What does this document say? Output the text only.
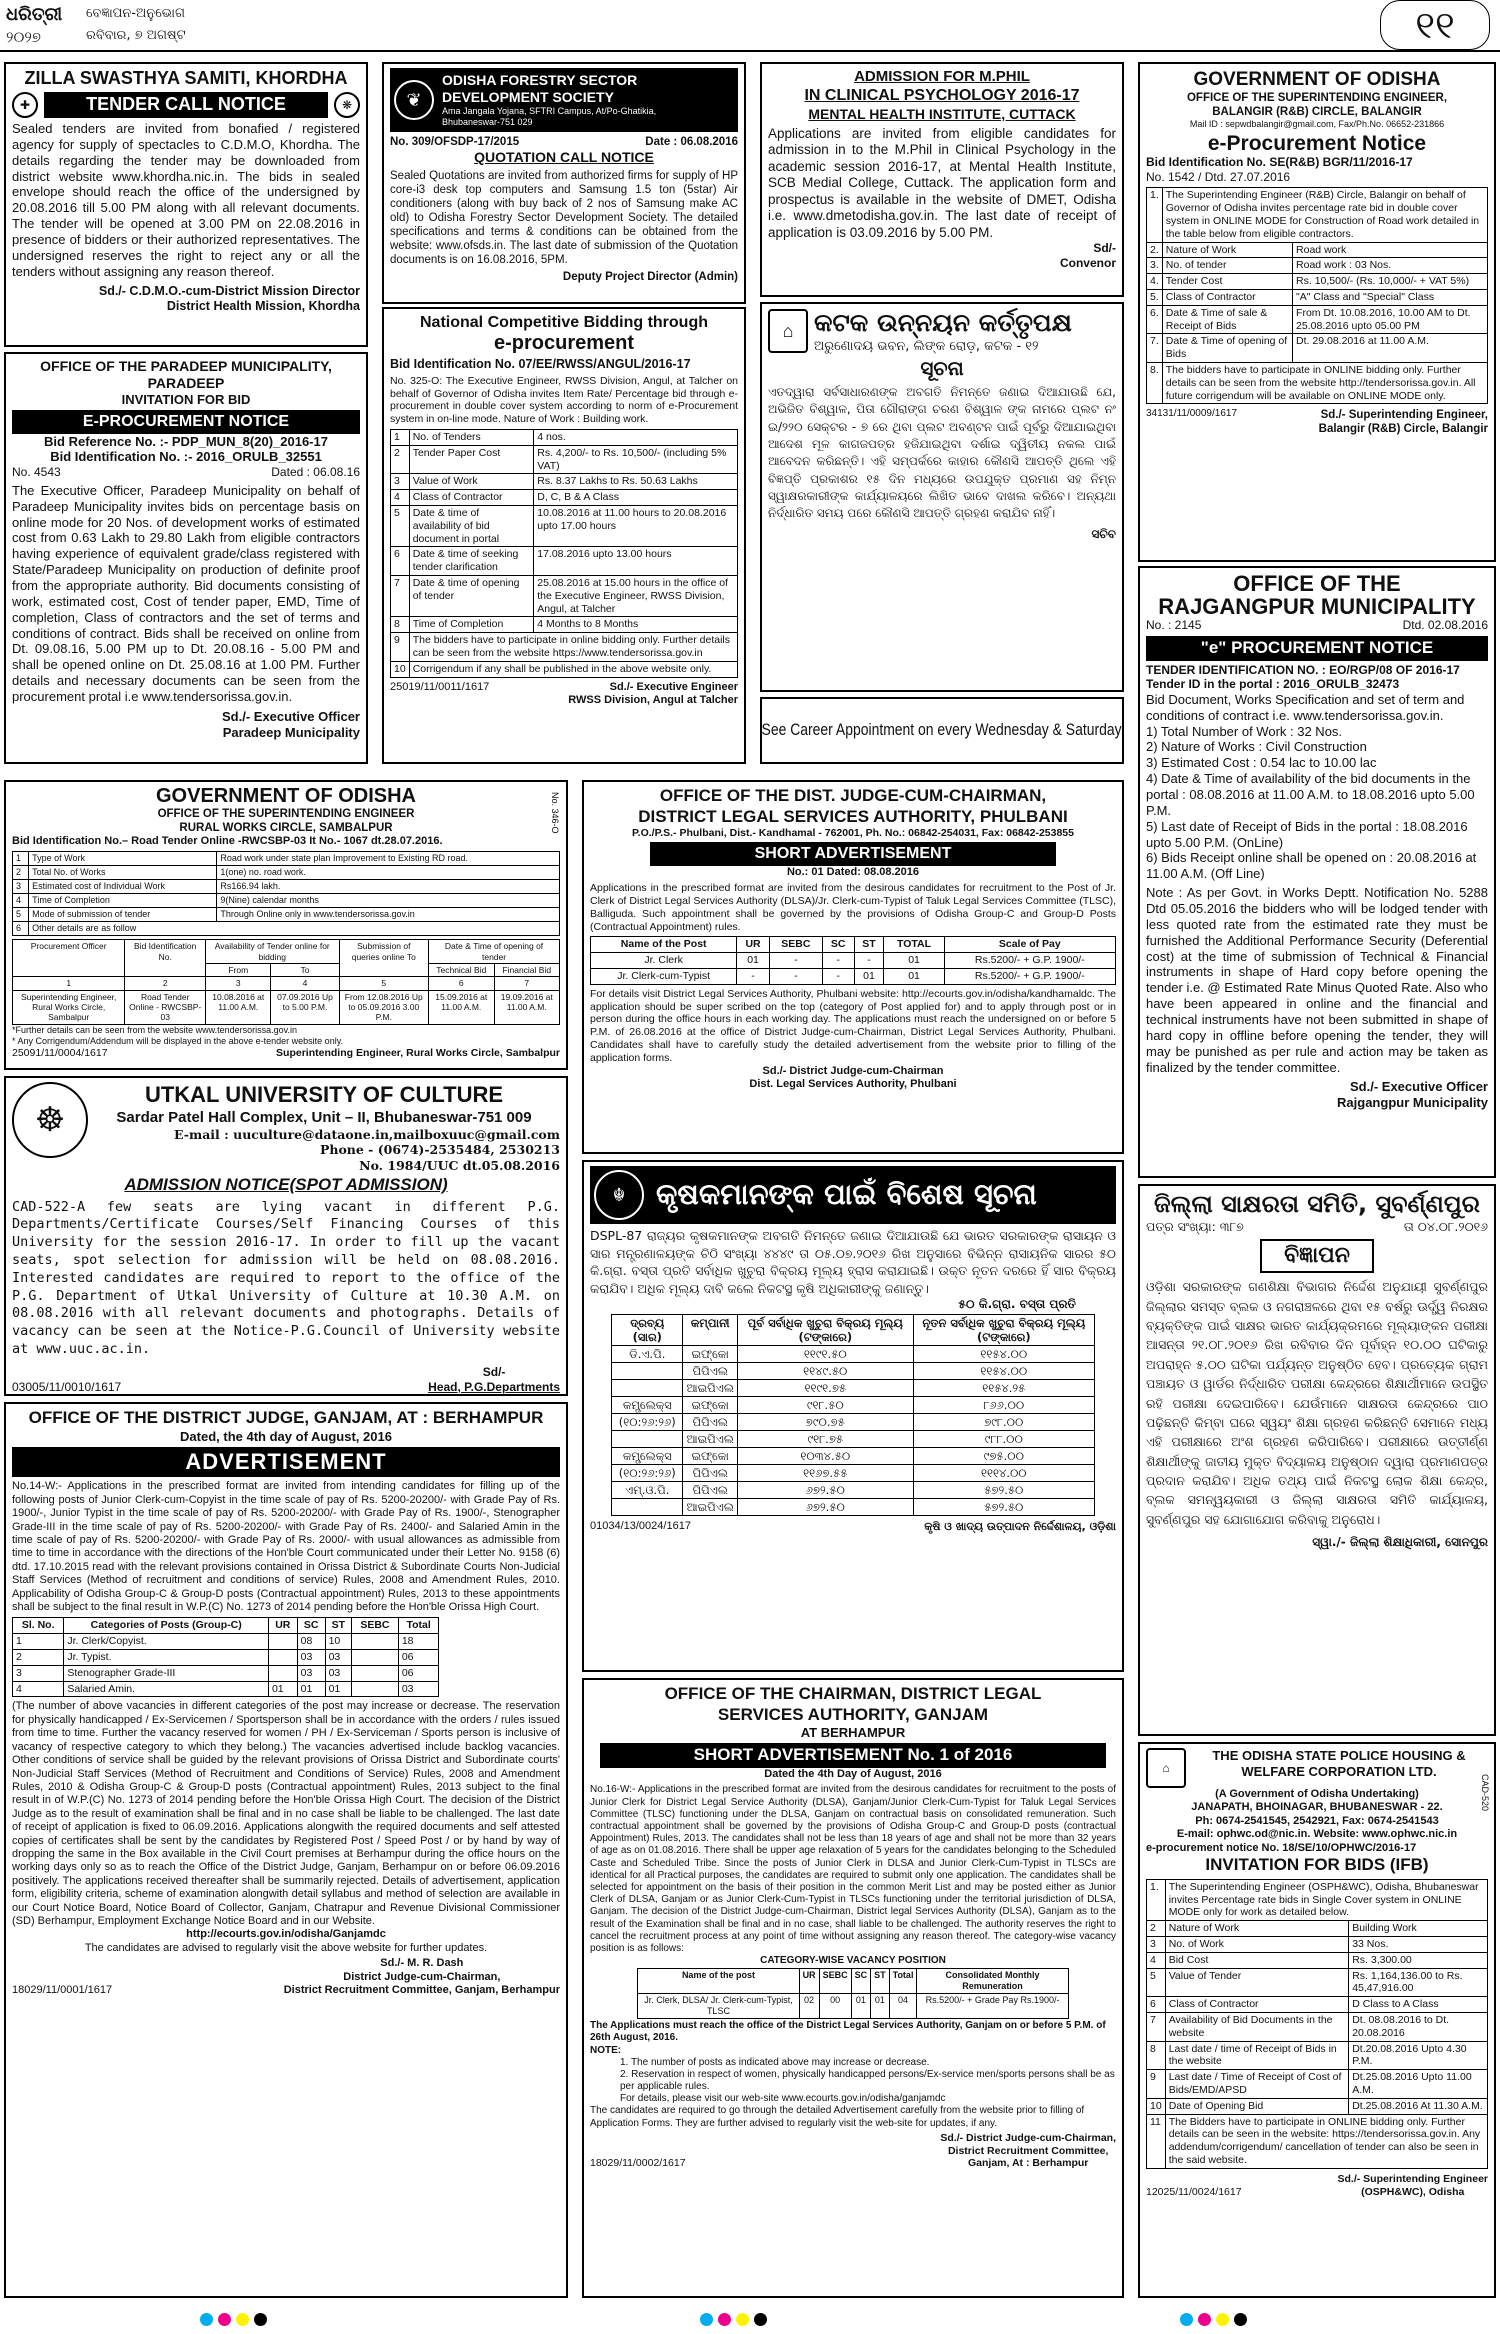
ଧରିତ୍ରୀ
୨୦୨୭
ବେଜ୍ଞାପନ-ଅନୁଭୋଗ
ରବିବାର, ୭ ଅଗଷ୍ଟ	୧୧
ZILLA SWASTHYA SAMITI, KHORDHA
✚	TENDER CALL NOTICE	❋
Sealed tenders are invited from bonafied / registered agency for supply of spectacles to C.D.M.O, Khordha. The details regarding the tender may be downloaded from district website www.khordha.nic.in. The bids in sealed envelope should reach the office of the undersigned by 20.08.2016 till 5.00 PM along with all relevant documents. The tender will be opened at 3.00 PM on 22.08.2016 in presence of bidders or their authorized representatives. The undersigned reserves the right to reject any or all the tenders without assigning any reason thereof.
Sd./- C.D.M.O.-cum-District Mission Director
District Health Mission, Khordha
OFFICE OF THE PARADEEP MUNICIPALITY, PARADEEP
INVITATION FOR BID
E-PROCUREMENT NOTICE
Bid Reference No. :- PDP_MUN_8(20)_2016-17
Bid Identification No. :- 2016_ORULB_32551
No. 4543	Dated : 06.08.16
The Executive Officer, Paradeep Municipality on behalf of Paradeep Municipality invites bids on percentage basis on online mode for 20 Nos. of development works of estimated cost from 0.63 Lakh to 29.80 Lakh from eligible contractors having experience of equivalent grade/class registered with State/Paradeep Municipality on production of definite proof from the appropriate authority. Bid documents consisting of work, estimated cost, Cost of tender paper, EMD, Time of completion, Class of contractors and the set of terms and conditions of contract. Bids shall be received on online from Dt. 09.08.16, 5.00 PM up to Dt. 20.08.16 - 5.00 PM and shall be opened online on Dt. 25.08.16 at 1.00 PM. Further details and necessary documents can be seen from the procurement protal i.e www.tendersorissa.gov.in.
Sd./- Executive Officer
Paradeep Municipality
❦
ODISHA FORESTRY SECTOR
DEVELOPMENT SOCIETY
Ama Jangala Yojana, SFTRI Campus, At/Po-Ghatikia,
Bhubaneswar-751 029
No. 309/OFSDP-17/2015	Date : 06.08.2016
QUOTATION CALL NOTICE
Sealed Quotations are invited from authorized firms for supply of HP core-i3 desk top computers and Samsung 1.5 ton (5star) Air conditioners (along with buy back of 2 nos of Samsung make AC old) to Odisha Forestry Sector Development Society. The detailed specifications and terms & conditions can be obtained from the website: www.ofsds.in. The last date of submission of the Quotation documents is on 16.08.2016, 5PM.
Deputy Project Director (Admin)
National Competitive Bidding through
e-procurement
Bid Identification No. 07/EE/RWSS/ANGUL/2016-17
No. 325-O: The Executive Engineer, RWSS Division, Angul, at Talcher on behalf of Governor of Odisha invites Item Rate/ Percentage bid through e-procurement in double cover system according to norm of e-Procurement system in on-line mode. Nature of Work : Building work.
1	No. of Tenders	4 nos.
2	Tender Paper Cost	Rs. 4,200/- to Rs. 10,500/- (including 5% VAT)
3	Value of Work	Rs. 8.37 Lakhs to Rs. 50.63 Lakhs
4	Class of Contractor	D, C, B & A Class
5	Date & time of availability of bid document in portal	10.08.2016 at 11.00 hours to 20.08.2016 upto 17.00 hours
6	Date & time of seeking tender clarification	17.08.2016 upto 13.00 hours
7	Date & time of opening of tender	25.08.2016 at 15.00 hours in the office of the Executive Engineer, RWSS Division, Angul, at Talcher
8	Time of Completion	4 Months to 8 Months
9	The bidders have to participate in online bidding only. Further details can be seen from the website https://www.tendersorissa.gov.in	
10	Corrigendum if any shall be published in the above website only.	
25019/11/0011/1617	Sd./- Executive Engineer
RWSS Division, Angul at Talcher
ADMISSION FOR M.PHIL
IN CLINICAL PSYCHOLOGY 2016-17
MENTAL HEALTH INSTITUTE, CUTTACK
Applications are invited from eligible candidates for admission in to the M.Phil in Clinical Psychology in the academic session 2016-17, at Mental Health Institute, SCB Medial College, Cuttack. The application form and prospectus is available in the website of DMET, Odisha i.e. www.dmetodisha.gov.in. The last date of receipt of application is 03.09.2016 by 5.00 PM.
Sd/-
Convenor
⌂ କଟକ ଉନ୍ନୟନ କର୍ତ୍ତୃପକ୍ଷ
ଅରୁଣୋଦୟ ଭବନ, ଲିଙ୍କ ରୋଡ଼, କଟକ - ୧୨
ସୂଚନା
ଏତଦ୍ୱାରା ସର୍ବସାଧାରଣଙ୍କ ଅବଗତି ନିମନ୍ତେ ଜଣାଇ ଦିଆଯାଉଛି ଯେ, ଅଭିଜିତ ବିଶ୍ୱାଳ, ପିତା ଗୌରାଙ୍ଗ ଚରଣ ବିଶ୍ୱାଳ ଙ୍କ ନାମରେ ପ୍ଲଟ ନଂ ଇ/୨୨୦ ସେକ୍ଟର - ୭ ରେ ଥିବା ପ୍ଲଟ ଅବଣ୍ଟନ ପାଇଁ ପୂର୍ବରୁ ଦିଆଯାଇଥିବା ଆଦେଶ ମୂଳ କାଗଜପତ୍ର ହଜିଯାଇଥିବା ଦର୍ଶାଇ ଦ୍ୱିତୀୟ ନକଲ ପାଇଁ ଆବେଦନ କରିଛନ୍ତି। ଏହି ସମ୍ପର୍କରେ କାହାର କୌଣସି ଆପତ୍ତି ଥିଲେ ଏହି ବିଜ୍ଞପ୍ତି ପ୍ରକାଶର ୧୫ ଦିନ ମଧ୍ୟରେ ଉପଯୁକ୍ତ ପ୍ରମାଣ ସହ ନିମ୍ନ ସ୍ୱାକ୍ଷରକାରୀଙ୍କ କାର୍ଯ୍ୟାଳୟରେ ଲିଖିତ ଭାବେ ଦାଖଲ କରିବେ। ଅନ୍ୟଥା ନିର୍ଦ୍ଧାରିତ ସମୟ ପରେ କୌଣସି ଆପତ୍ତି ଗ୍ରହଣ କରାଯିବ ନାହିଁ।
ସଚିବ
See Career Appointment on every Wednesday & Saturday
GOVERNMENT OF ODISHA
OFFICE OF THE SUPERINTENDING ENGINEER,
BALANGIR (R&B) CIRCLE, BALANGIR
Mail ID : sepwdbalangir@gmail.com, Fax/Ph.No. 06652-231866
e-Procurement Notice
Bid Identification No. SE(R&B) BGR/11/2016-17
No. 1542 / Dtd. 27.07.2016
1.	The Superintending Engineer (R&B) Circle, Balangir on behalf of Governor of Odisha invites percentage rate bid in double cover system in ONLINE MODE for Construction of Road work detailed in the table below from eligible contractors.	
2.	Nature of Work	Road work
3.	No. of tender	Road work : 03 Nos.
4.	Tender Cost	Rs. 10,500/- (Rs. 10,000/- + VAT 5%)
5.	Class of Contractor	"A" Class and "Special" Class
6.	Date & Time of sale & Receipt of Bids	From Dt. 10.08.2016, 10.00 AM to Dt. 25.08.2016 upto 05.00 PM
7.	Date & Time of opening of Bids	Dt. 29.08.2016 at 11.00 A.M.
8.	The bidders have to participate in ONLINE bidding only. Further details can be seen from the website http://tendersorissa.gov.in. All future corrigendum will be available on ONLINE MODE only.	
34131/11/0009/1617	Sd./- Superintending Engineer,
Balangir (R&B) Circle, Balangir
OFFICE OF THE
RAJGANGPUR MUNICIPALITY
No. : 2145	Dtd. 02.08.2016
"e" PROCUREMENT NOTICE
TENDER IDENTIFICATION NO. : EO/RGP/08 OF 2016-17
Tender ID in the portal : 2016_ORULB_32473
Bid Document, Works Specification and set of term and conditions of contract i.e. www.tendersorissa.gov.in.
1) Total Number of Work : 32 Nos.
2) Nature of Works : Civil Construction
3) Estimated Cost : 0.54 lac to 10.00 lac
4) Date & Time of availability of the bid documents in the portal : 08.08.2016 at 11.00 A.M. to 18.08.2016 upto 5.00 P.M.
5) Last date of Receipt of Bids in the portal : 18.08.2016 upto 5.00 P.M. (OnLine)
6) Bids Receipt online shall be opened on : 20.08.2016 at 11.00 A.M. (Off Line)
Note : As per Govt. in Works Deptt. Notification No. 5288 Dtd 05.05.2016 the bidders who will be lodged tender with less quoted rate from the estimated rate they must be furnished the Additional Performance Security (Deferential cost) at the time of submission of Technical & Financial instruments in shape of Hard copy before opening the tender i.e. @ Estimated Rate Minus Quoted Rate. Also who have been appeared in online and the financial and technical instruments have not been submitted in shape of hard copy in offline before opening the tender, they will may be punished as per rule and action may be taken as finalized by the tender committee.
Sd./- Executive Officer
Rajgangpur Municipality
GOVERNMENT OF ODISHA
OFFICE OF THE SUPERINTENDING ENGINEER
RURAL WORKS CIRCLE, SAMBALPUR
Bid Identification No.– Road Tender Online -RWCSBP-03 It No.- 1067 dt.28.07.2016.
No. 346-O
1	Type of Work	Road work under state plan Improvement to Existing RD road.
2	Total No. of Works	1(one) no. road work.
3	Estimated cost of Individual Work	Rs166.94 lakh.
4	Time of Completion	9(Nine) calendar months
5	Mode of submission of tender	Through Online only in www.tendersorissa.gov.in
6	Other details are as follow	
Procurement Officer	Bid Identification No.	Availability of Tender online for bidding		Submission of queries online To	Date & Time of opening of tender	
		From	To		Technical Bid	Financial Bid
1	2	3	4	5	6	7
Superintending Engineer, Rural Works Circle, Sambalpur	Road Tender Online - RWCSBP-03	10.08.2016 at 11.00 A.M.	07.09.2016 Up to 5.00 P.M.	From 12.08.2016 Up to 05.09.2016 3.00 P.M.	15.09.2016 at 11.00 A.M.	19.09.2016 at 11.00 A.M.
*Further details can be seen from the website www.tendersorissa.gov.in
* Any Corrigendum/Addendum will be displayed in the above e-tender website only.
25091/11/0004/1617	Superintending Engineer, Rural Works Circle, Sambalpur
OFFICE OF THE DIST. JUDGE-CUM-CHAIRMAN,
DISTRICT LEGAL SERVICES AUTHORITY, PHULBANI
P.O./P.S.- Phulbani, Dist.- Kandhamal - 762001, Ph. No.: 06842-254031, Fax: 06842-253855
SHORT ADVERTISEMENT
No.: 01 Dated: 08.08.2016
Applications in the prescribed format are invited from the desirous candidates for recruitment to the Post of Jr. Clerk of District Legal Services Authority (DLSA)/Jr. Clerk-cum-Typist of Taluk Legal Services Committee (TLSC), Balliguda. Such appointment shall be governed by the provisions of Odisha Group-C and Group-D Posts (Contractual Appointment) rules.
Name of the Post	UR	SEBC	SC	ST	TOTAL	Scale of Pay
Jr. Clerk	01	-	-	-	01	Rs.5200/- + G.P. 1900/-
Jr. Clerk-cum-Typist	-	-	-	01	01	Rs.5200/- + G.P. 1900/-
For details visit District Legal Services Authority, Phulbani website: http://ecourts.gov.in/odisha/kandhamaldc. The application should be super scribed on the top (category of Post applied for) and to apply through post or in person during the office hours in each working day. The applications must reach the undersigned on or before 5 P.M. of 26.08.2016 at the office of District Judge-cum-Chairman, District Legal Services Authority, Phulbani. Candidates shall have to carefully study the detailed advertisement from the website prior to filling of the application forms.
Sd./- District Judge-cum-Chairman
Dist. Legal Services Authority, Phulbani
☸
UTKAL UNIVERSITY OF CULTURE
Sardar Patel Hall Complex, Unit – II, Bhubaneswar-751 009
E-mail : uuculture@dataone.in,mailboxuuc@gmail.com
Phone - (0674)-2535484, 2530213
No. 1984/UUC dt.05.08.2016
ADMISSION NOTICE(SPOT ADMISSION)
CAD-522-A few seats are lying vacant in different P.G. Departments/Certificate Courses/Self Financing Courses of this University for the session 2016-17. In order to fill up the vacant seats, spot selection for admission will be held on 08.08.2016. Interested candidates are required to report to the office of the P.G. Department of Utkal University of Culture at 10.30 A.M. on 08.08.2016 with all relevant documents and photographs. Details of vacancy can be seen at the Notice-P.G.Council of University website at www.uuc.ac.in.
03005/11/0010/1617
Sd/-
Head, P.G.Departments
OFFICE OF THE DISTRICT JUDGE, GANJAM, AT : BERHAMPUR
Dated, the 4th day of August, 2016
ADVERTISEMENT
No.14-W:- Applications in the prescribed format are invited from intending candidates for filling up of the following posts of Junior Clerk-cum-Copyist in the time scale of pay of Rs. 5200-20200/- with Grade Pay of Rs. 1900/-, Junior Typist in the time scale of pay of Rs. 5200-20200/- with Grade Pay of Rs. 1900/-, Stenographer Grade-III in the time scale of pay of Rs. 5200-20200/- with Grade Pay of Rs. 2400/- and Salaried Amin in the time scale of pay of Rs. 5200-20200/- with Grade Pay of Rs. 2000/- with usual allowances as admissible from time to time in accordance with the directions of the Hon'ble Court communicated under their Letter No. 9158 (6) dtd. 17.10.2015 read with the relevant provisions contained in Orissa District & Subordinate Courts Non-Judicial Staff Services (Method of recruitment and conditions of service) Rules, 2008 and Amendment Rules, 2010. Applicability of Odisha Group-C & Group-D posts (Contractual appointment) Rules, 2013 to these appointments shall be subject to the final result in W.P.(C) No. 1273 of 2014 pending before the Hon'ble Orissa High Court.
Sl. No.	Categories of Posts (Group-C)	UR	SC	ST	SEBC	Total
1	Jr. Clerk/Copyist.		08	10		18
2	Jr. Typist.		03	03		06
3	Stenographer Grade-III		03	03		06
4	Salaried Amin.	01	01	01		03
(The number of above vacancies in different categories of the post may increase or decrease. The reservation for physically handicapped / Ex-Servicemen / Sportsperson shall be in accordance with the orders / rules issued from time to time. Further the vacancy reserved for women / PH / Ex-Serviceman / Sports person is inclusive of vacancy of respective category to which they belong.) The vacancies advertised include backlog vacancies. Other conditions of service shall be guided by the relevant provisions of Orissa District and Subordinate courts' Non-Judicial Staff Services (Method of Recruitment and Conditions of Service) Rules, 2008 and Amendment Rules, 2010 & Odisha Group-C & Group-D posts (Contractual appointment) Rules, 2013 subject to the final result in of W.P.(C) No. 1273 of 2014 pending before the Hon'ble Orissa High Court. The decision of the District Judge as to the result of examination shall be final and in no case shall be liable to be challenged. The last date of receipt of application is fixed to 06.09.2016. Applications alongwith the required documents and self attested copies of certificates shall be sent by the candidates by Registered Post / Speed Post / or by hand by way of dropping the same in the Box available in the Civil Court premises at Berhampur during the office hours on the working days only so as to reach the Office of the District Judge, Ganjam, Berhampur on or before 06.09.2016 positively. The applications received thereafter shall be summarily rejected. Details of advertisement, application form, eligibility criteria, scheme of examination alongwith detail syllabus and method of selection are available in our Court Notice Board, Notice Board of Collector, Ganjam, Chatrapur and Revenue Divisional Commissioner (SD) Berhampur, Employment Exchange Notice Board and in our Website.
http://ecourts.gov.in/odisha/Ganjamdc
The candidates are advised to regularly visit the above website for further updates.
18029/11/0001/1617
Sd./- M. R. Dash
District Judge-cum-Chairman,
District Recruitment Committee, Ganjam, Berhampur
☬	କୃଷକମାନଙ୍କ ପାଇଁ ବିଶେଷ ସୂଚନା
DSPL-87 ରାଜ୍ୟର କୃଷକମାନଙ୍କ ଅବଗତି ନିମନ୍ତେ ଜଣାଇ ଦିଆଯାଉଛି ଯେ ଭାରତ ସରକାରଙ୍କ ରାସାୟନ ଓ ସାର ମନ୍ତ୍ରଣାଳୟଙ୍କ ଚିଠି ସଂଖ୍ୟା ୪୪୪୯ ତା ୦୫.୦୭.୨୦୧୬ ରିଖ ଅନୁସାରେ ବିଭିନ୍ନ ରାସାୟନିକ ସାରର ୫୦ କି.ଗ୍ରା. ବସ୍ତା ପ୍ରତି ସର୍ବାଧିକ ଖୁଚୁରା ବିକ୍ରୟ ମୂଲ୍ୟ ହ୍ରାସ କରାଯାଇଛି। ଉକ୍ତ ନୂତନ ଦରରେ ହିଁ ସାର ବିକ୍ରୟ କରାଯିବ। ଅଧିକ ମୂଲ୍ୟ ଦାବି କଲେ ନିକଟସ୍ଥ କୃଷି ଅଧିକାରୀଙ୍କୁ ଜଣାନ୍ତୁ।
୫୦ କି.ଗ୍ରା. ବସ୍ତା ପ୍ରତି
ଦ୍ରବ୍ୟ (ସାର)	କମ୍ପାନୀ	ପୂର୍ବ ସର୍ବାଧିକ ଖୁଚୁରା ବିକ୍ରୟ ମୂଲ୍ୟ (ଟଙ୍କାରେ)	ନୂତନ ସର୍ବାଧିକ ଖୁଚୁରା ବିକ୍ରୟ ମୂଲ୍ୟ (ଟଙ୍କାରେ)
ଡି.ଏ.ପି.	ଇଫ୍‌କୋ	୧୧୯୧.୫୦	୧୧୫୪.୦୦
	ପିପିଏଲ	୧୧୪୯.୫୦	୧୧୫୪.୦୦
	ଆଇପିଏଲ	୧୧୯୧.୭୫	୧୧୫୪.୨୫
କମ୍ପ୍ଲେକ୍ସ	ଇଫ୍‌କୋ	୯୧୮.୫୦	୮୬୬.୦୦
(୧୦:୨୬:୨୬)	ପିପିଏଲ	୭୯୦.୭୫	୭୯୮.୦୦
	ଆଇପିଏଲ	୯୧୮.୭୫	୯୮୮.୦୦
କମ୍ପ୍ଲେକ୍ସ	ଇଫ୍‌କୋ	୧୦୩୪.୫୦	୯୭୫.୦୦
(୧୦:୨୬:୨୬)	ପିପିଏଲ	୧୧୬୭.୫୫	୧୧୧୪.୦୦
ଏମ୍.ଓ.ପି.	ପିପିଏଲ	୬୭୨.୫୦	୫୭୨.୫୦
	ଆଇପିଏଲ	୬୭୨.୫୦	୫୭୨.୫୦
01034/13/0024/1617	କୃଷି ଓ ଖାଦ୍ୟ ଉତ୍ପାଦନ ନିର୍ଦ୍ଦେଶାଳୟ, ଓଡ଼ିଶା
ଜିଲ୍ଲା ସାକ୍ଷରତା ସମିତି, ସୁବର୍ଣ୍ଣପୁର
ପତ୍ର ସଂଖ୍ୟା: ୩୮୭	ତା ୦୪.୦୮.୨୦୧୬
ବିଜ୍ଞାପନ
ଓଡ଼ିଶା ସରକାରଙ୍କ ଗଣଶିକ୍ଷା ବିଭାଗର ନିର୍ଦ୍ଦେଶ ଅନୁଯାୟୀ ସୁବର୍ଣ୍ଣପୁର ଜିଲ୍ଲାର ସମସ୍ତ ବ୍ଲକ ଓ ନଗରାଞ୍ଚଳରେ ଥିବା ୧୫ ବର୍ଷରୁ ଊର୍ଦ୍ଧ୍ୱ ନିରକ୍ଷର ବ୍ୟକ୍ତିଙ୍କ ପାଇଁ ସାକ୍ଷର ଭାରତ କାର୍ଯ୍ୟକ୍ରମରେ ମୂଲ୍ୟାଙ୍କନ ପରୀକ୍ଷା ଆସନ୍ତା ୨୧.୦୮.୨୦୧୬ ରିଖ ରବିବାର ଦିନ ପୂର୍ବାହ୍ନ ୧୦.୦୦ ଘଟିକାରୁ ଅପରାହ୍ନ ୫.୦୦ ଘଟିକା ପର୍ଯ୍ୟନ୍ତ ଅନୁଷ୍ଠିତ ହେବ। ପ୍ରତ୍ୟେକ ଗ୍ରାମ ପଞ୍ଚାୟତ ଓ ୱାର୍ଡର ନିର୍ଦ୍ଧାରିତ ପରୀକ୍ଷା କେନ୍ଦ୍ରରେ ଶିକ୍ଷାର୍ଥୀମାନେ ଉପସ୍ଥିତ ରହି ପରୀକ୍ଷା ଦେଇପାରିବେ। ଯେଉଁମାନେ ସାକ୍ଷରତା କେନ୍ଦ୍ରରେ ପାଠ ପଢ଼ିଛନ୍ତି କିମ୍ବା ଘରେ ସ୍ୱୟଂ ଶିକ୍ଷା ଗ୍ରହଣ କରିଛନ୍ତି ସେମାନେ ମଧ୍ୟ ଏହି ପରୀକ୍ଷାରେ ଅଂଶ ଗ୍ରହଣ କରିପାରିବେ। ପରୀକ୍ଷାରେ ଉତ୍ତୀର୍ଣ୍ଣ ଶିକ୍ଷାର୍ଥୀଙ୍କୁ ଜାତୀୟ ମୁକ୍ତ ବିଦ୍ୟାଳୟ ଅନୁଷ୍ଠାନ ଦ୍ୱାରା ପ୍ରମାଣପତ୍ର ପ୍ରଦାନ କରାଯିବ। ଅଧିକ ତଥ୍ୟ ପାଇଁ ନିକଟସ୍ଥ ଲୋକ ଶିକ୍ଷା କେନ୍ଦ୍ର, ବ୍ଲକ ସମନ୍ୱୟକାରୀ ଓ ଜିଲ୍ଲା ସାକ୍ଷରତା ସମିତି କାର୍ଯ୍ୟାଳୟ, ସୁବର୍ଣ୍ଣପୁର ସହ ଯୋଗାଯୋଗ କରିବାକୁ ଅନୁରୋଧ।
ସ୍ୱା./- ଜିଲ୍ଲା ଶିକ୍ଷାଧିକାରୀ, ସୋନପୁର
OFFICE OF THE CHAIRMAN, DISTRICT LEGAL
SERVICES AUTHORITY, GANJAM
AT BERHAMPUR
SHORT ADVERTISEMENT No. 1 of 2016
Dated the 4th Day of August, 2016
No.16-W:- Applications in the prescribed format are invited from the desirous candidates for recruitment to the posts of Junior Clerk for District Legal Service Authority (DLSA), Ganjam/Junior Clerk-Cum-Typist for Taluk Legal Services Committee (TLSC) functioning under the DLSA, Ganjam on contractual basis on consolidated remuneration. Such contractual appointment shall be governed by the provisions of Odisha Group-C and Group-D posts (contractual Appointment) Rules, 2013. The candidates shall not be less than 18 years of age and shall not be more than 32 years of age as on 01.08.2016. There shall be upper age relaxation of 5 years for the candidates belonging to the Scheduled Caste and Scheduled Tribe. Since the posts of Junior Clerk in DLSA and Junior Clerk-Cum-Typist in TLSCs are identical for all Practical purposes, the candidates are required to submit only one application. The candidates shall be selected for appointment on the basis of their position in the common Merit List and may be posted either as Junior Clerk of DLSA, Ganjam or as Junior Clerk-Cum-Typist in TLSCs functioning under the territorial jurisdiction of DLSA, Ganjam. The decision of the District Judge-cum-Chairman, District legal Services Authority (DLSA), Ganjam as to the result of the Examination shall be final and in no case, shall liable to be challenged. The authority reserves the right to cancel the recruitment process at any point of time without assigning any reason thereof. The category-wise vacancy position is as follows:
CATEGORY-WISE VACANCY POSITION
Name of the post	UR	SEBC	SC	ST	Total	Consolidated Monthly Remuneration
Jr. Clerk, DLSA/ Jr. Clerk-cum-Typist, TLSC	02	00	01	01	04	Rs.5200/- + Grade Pay Rs.1900/-
The Applications must reach the office of the District Legal Services Authority, Ganjam on or before 5 P.M. of 26th August, 2016.
NOTE:
1. The number of posts as indicated above may increase or decrease.
2. Reservation in respect of women, physically handicapped persons/Ex-service men/sports persons shall be as per applicable rules.
For details, please visit our web-site www.ecourts.gov.in/odisha/ganjamdc
The candidates are required to go through the detailed Advertisement carefully from the website prior to filling of Application Forms. They are further advised to regularly visit the web-site for updates, if any.
18029/11/0002/1617
Sd./- District Judge-cum-Chairman,
District Recruitment Committee,
Ganjam, At : Berhampur
⌂
THE ODISHA STATE POLICE HOUSING &
WELFARE CORPORATION LTD.
CAD-520
(A Government of Odisha Undertaking)
JANAPATH, BHOINAGAR, BHUBANESWAR - 22.
Ph: 0674-2541545, 2542921, Fax: 0674-2541543
E-mail: ophwc.od@nic.in. Website: www.ophwc.nic.in
e-procurement notice No. 18/SE/10/OPHWC/2016-17
INVITATION FOR BIDS (IFB)
1.	The Superintending Engineer (OSPH&WC), Odisha, Bhubaneswar invites Percentage rate bids in Single Cover system in ONLINE MODE only for work as detailed below.	
2	Nature of Work	Building Work
3	No. of Work	33 Nos.
4	Bid Cost	Rs. 3,300.00
5	Value of Tender	Rs. 1,164,136.00 to Rs. 45,47,916.00
6	Class of Contractor	D Class to A Class
7	Availability of Bid Documents in the website	Dt. 08.08.2016 to Dt. 20.08.2016
8	Last date / time of Receipt of Bids in the website	Dt.20.08.2016 Upto 4.30 P.M.
9	Last date / Time of Receipt of Cost of Bids/EMD/APSD	Dt.25.08.2016 Upto 11.00 A.M.
10	Date of Opening Bid	Dt.25.08.2016 At 11.30 A.M.
11	The Bidders have to participate in ONLINE bidding only. Further details can be seen in the website: https://tendersorissa.gov.in. Any addendum/corrigendum/ cancellation of tender can also be seen in the said website.	
12025/11/0024/1617
Sd./- Superintending Engineer
(OSPH&WC), Odisha
